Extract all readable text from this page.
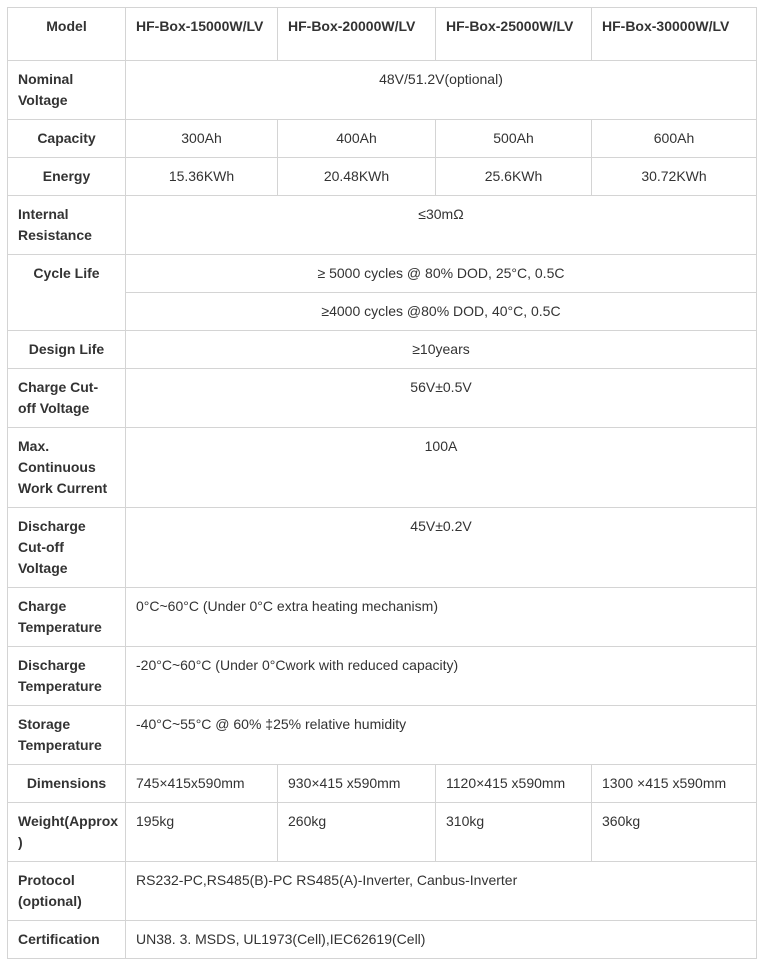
Model	HF-Box-15000W/LV	HF-Box-20000W/LV	HF-Box-25000W/LV	HF-Box-30000W/LV
Nominal Voltage	48V/51.2V(optional)			
Capacity	300Ah	400Ah	500Ah	600Ah
Energy	15.36KWh	20.48KWh	25.6KWh	30.72KWh
Internal Resistance	≤30mΩ			
Cycle Life	≥ 5000 cycles @ 80% DOD, 25°C, 0.5C			
	≥4000 cycles @80% DOD, 40°C, 0.5C			
Design Life	≥10years			
Charge Cut-off Voltage	56V±0.5V			
Max. Continuous Work Current	100A			
Discharge Cut-off Voltage	45V±0.2V			
Charge Temperature	0°C~60°C (Under 0°C extra heating mechanism)			
Discharge Temperature	-20°C~60°C (Under 0°Cwork with reduced capacity)			
Storage Temperature	-40°C~55°C @ 60% ‡25% relative humidity			
Dimensions	745×415x590mm	930×415 x590mm	1120×415 x590mm	1300 ×415 x590mm
Weight(Approx )	195kg	260kg	310kg	360kg
Protocol (optional)	RS232-PC,RS485(B)-PC RS485(A)-Inverter, Canbus-Inverter			
Certification	UN38. 3. MSDS, UL1973(Cell),IEC62619(Cell)			
